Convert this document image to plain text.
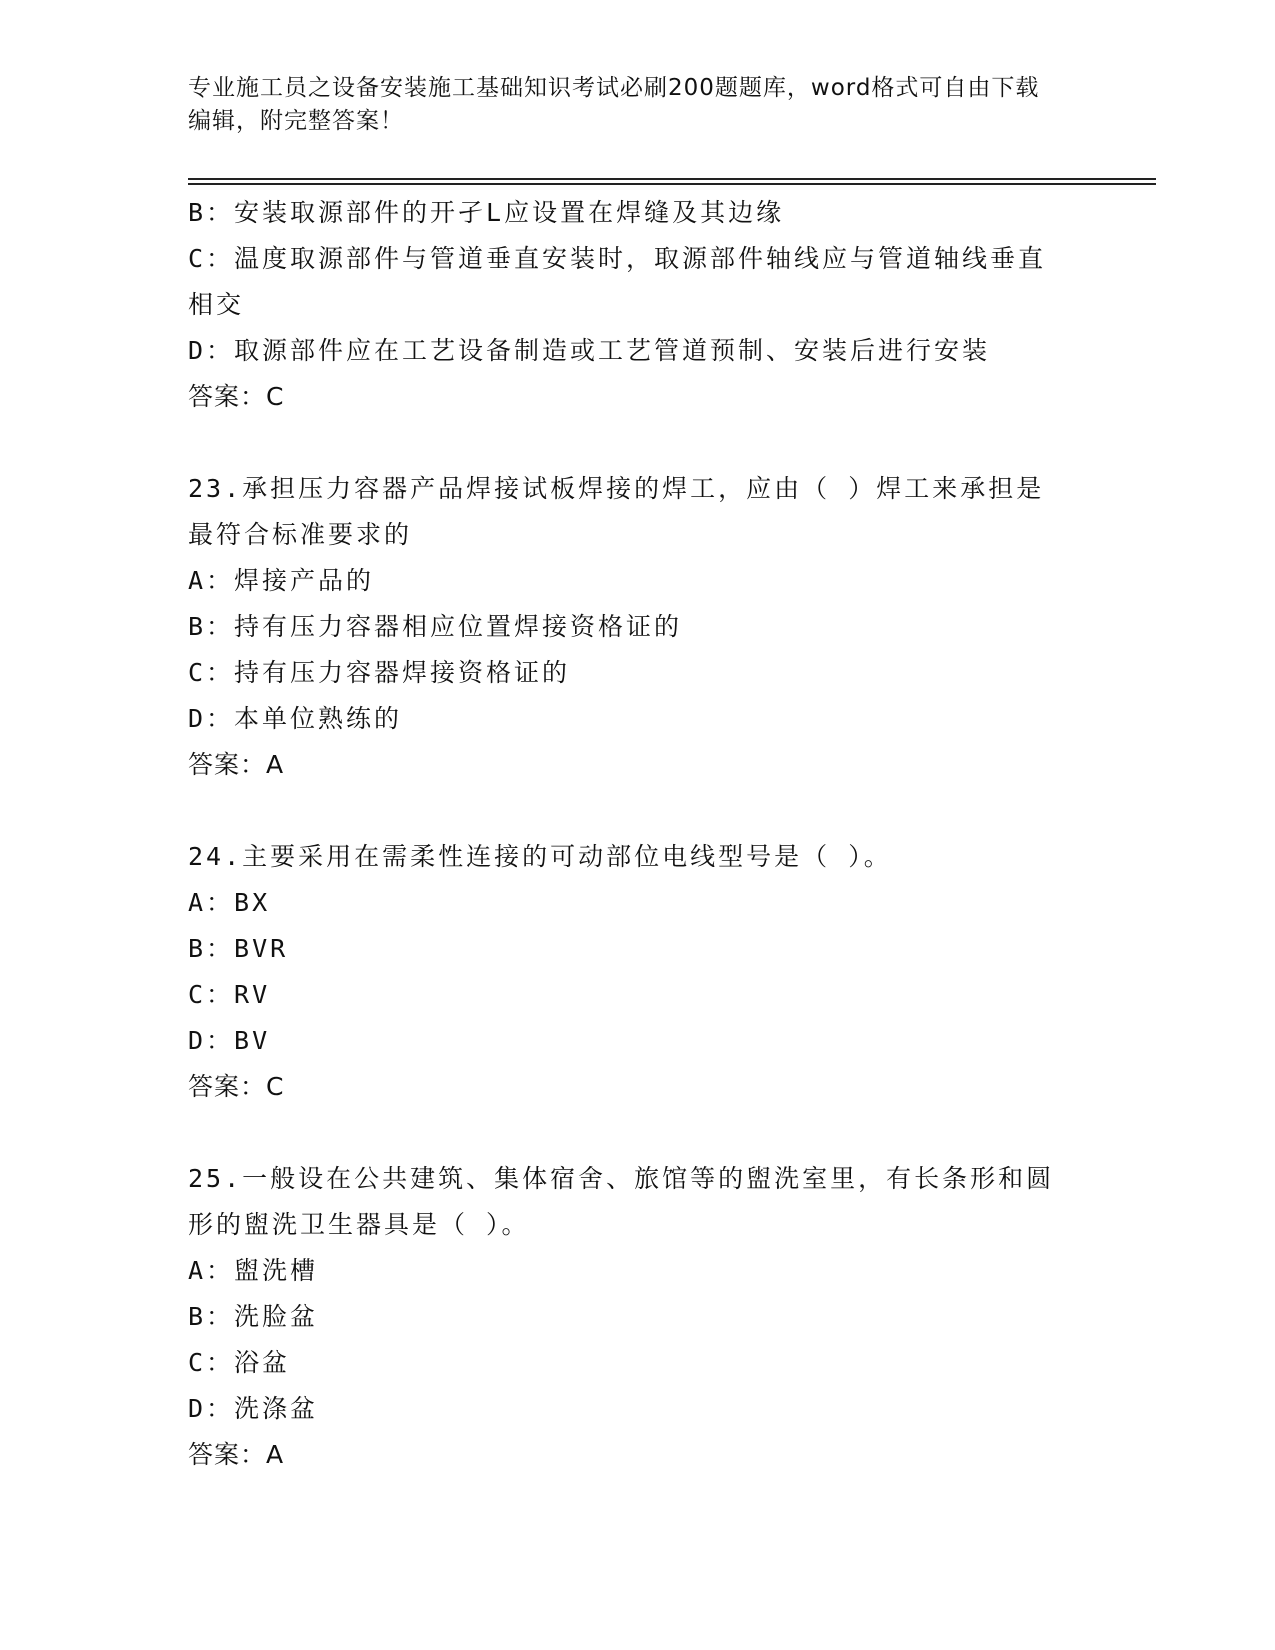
专业施工员之设备安装施工基础知识考试必刷200题题库，word格式可自由下载
编辑，附完整答案！
B：安装取源部件的开孑L应设置在焊缝及其边缘
C：温度取源部件与管道垂直安装时，取源部件轴线应与管道轴线垂直
相交
D：取源部件应在工艺设备制造或工艺管道预制、安装后进行安装
答案：C
23.承担压力容器产品焊接试板焊接的焊工，应由（ ）焊工来承担是
最符合标准要求的
A：焊接产品的
B：持有压力容器相应位置焊接资格证的
C：持有压力容器焊接资格证的
D：本单位熟练的
答案：A
24.主要采用在需柔性连接的可动部位电线型号是（ ）。
A：BX
B：BVR
C：RV
D：BV
答案：C
25.一般设在公共建筑、集体宿舍、旅馆等的盥洗室里，有长条形和圆
形的盥洗卫生器具是（ ）。
A：盥洗槽
B：洗脸盆
C：浴盆
D：洗涤盆
答案：A
